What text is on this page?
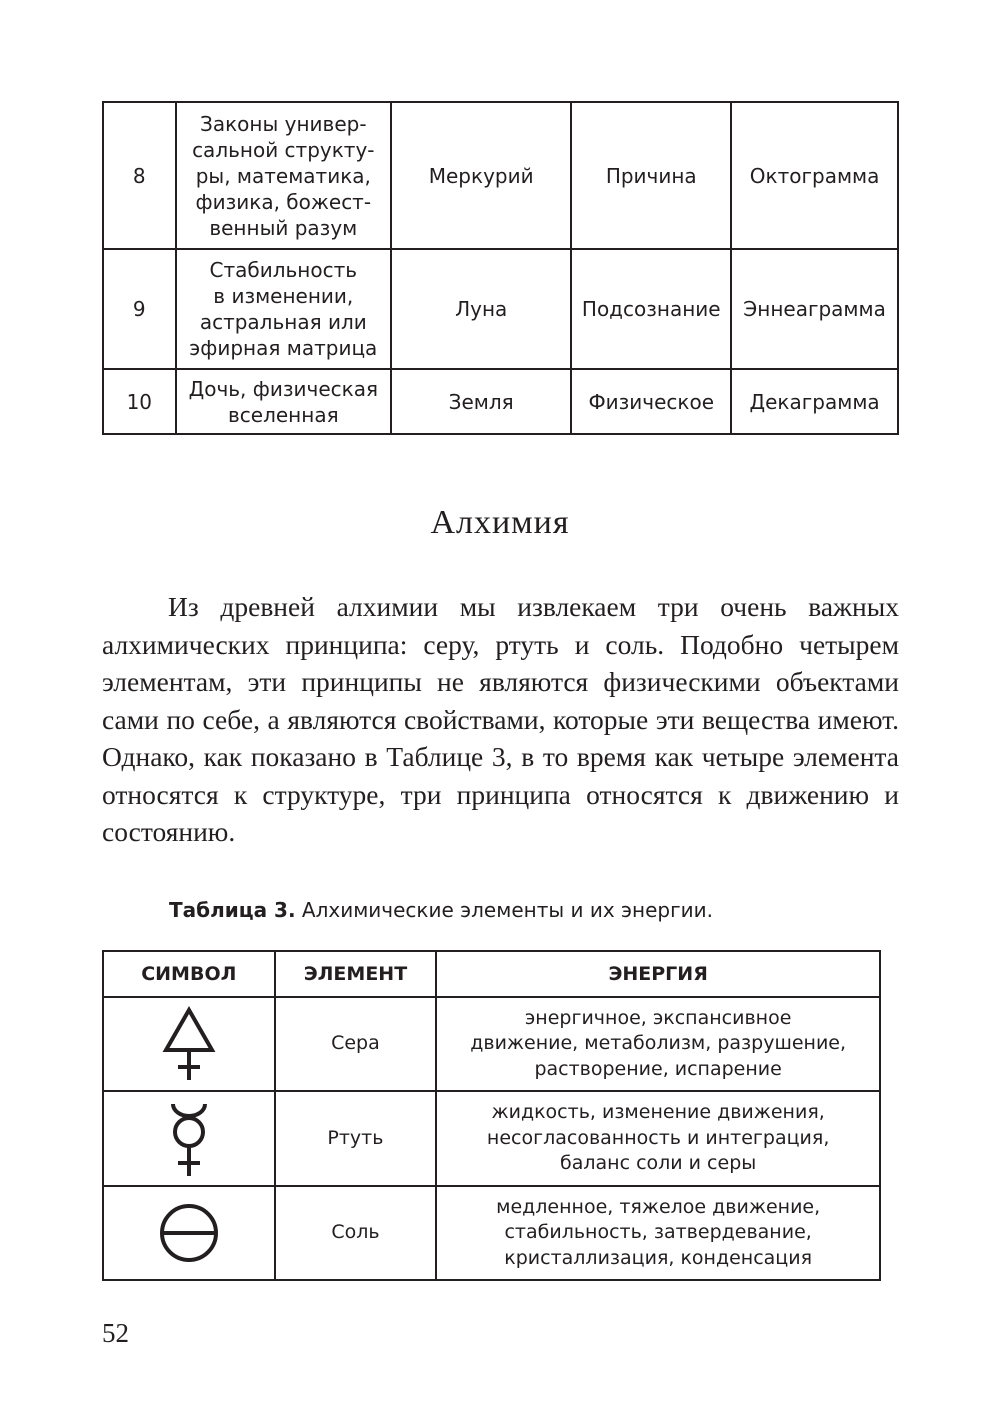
8	Законы универ-
сальной структу-
ры, математика,
физика, божест-
венный разум	Меркурий	Причина	Октограмма
9	Стабильность
в изменении,
астральная или
эфирная матрица	Луна	Подсознание	Эннеаграмма
10	Дочь, физическая
вселенная	Земля	Физическое	Декаграмма
Алхимия

Из древней алхимии мы извлекаем три очень важных алхимических принципа: серу, ртуть и соль. Подобно четырем элементам, эти принципы не являются физическими объектами сами по себе, а являются свойствами, которые эти вещества имеют. Однако, как показано в Таблице 3, в то время как четыре элемента относятся к структуре, три принципа относятся к движению и состоянию.

Таблица 3. Алхимические элементы и их энергии.
СИМВОЛ	ЭЛЕМЕНТ	ЭНЕРГИЯ

	Сера	энергичное, экспансивное
движение, метаболизм, разрушение,
растворение, испарение

	Ртуть	жидкость, изменение движения,
несогласованность и интеграция,
баланс соли и серы

	Соль	медленное, тяжелое движение,
стабильность, затвердевание,
кристаллизация, конденсация
52
